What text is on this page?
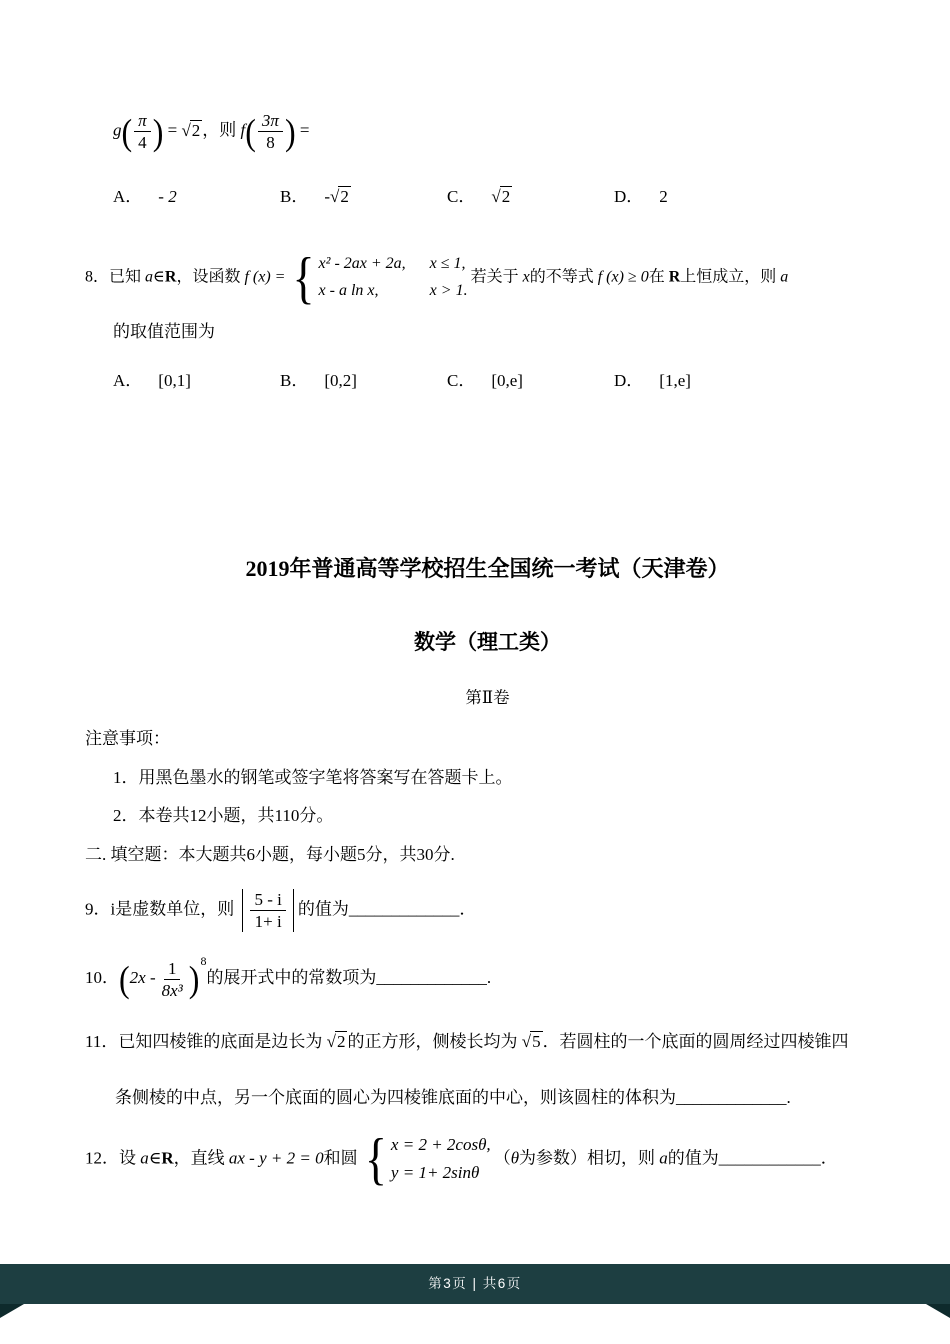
$g( \frac{\pi}{4}$ ) = √2 ，则 $f( \frac{3\pi}{8}$ ) =
A． - 2	B． -√2	C． √2	D． 2
8．已知 a∈R，设函数 f (x) = { x² - 2ax + 2a, x ≤ 1,
x - a ln x,	x > 1.
若关于 x的不等式 f (x) ≥ 0在 R上恒成立，则 a
的取值范围为
A． [0,1]	B． [0,2]	C． [0,e]	D． [1,e]
2019年普通高等学校招生全国统一考试（天津卷）
数学（理工类）
第Ⅱ卷
注意事项：
1．用黑色墨水的钢笔或签字笔将答案写在答题卡上。
2．本卷共12小题，共110分。
二. 填空题：本大题共6小题，每小题5分，共30分.
9．i是虚数单位，则 $\frac{5 - i}{1+ i}$ 的值为_____________．
10．$(2x - \frac{1}{\text{8x³}} )^8$的展开式中的常数项为_____________.
11．已知四棱锥的底面是边长为 √2 的正方形，侧棱长均为 √5 ．若圆柱的一个底面的圆周经过四棱锥四
条侧棱的中点，另一个底面的圆心为四棱锥底面的中心，则该圆柱的体积为_____________.
12．设 a∈R，直线 ax - y + 2 = 0和圆 { x = 2 + 2cosθ,
y = 1+ 2sinθ
（θ为参数）相切，则 a的值为____________．
第3页 | 共6页
